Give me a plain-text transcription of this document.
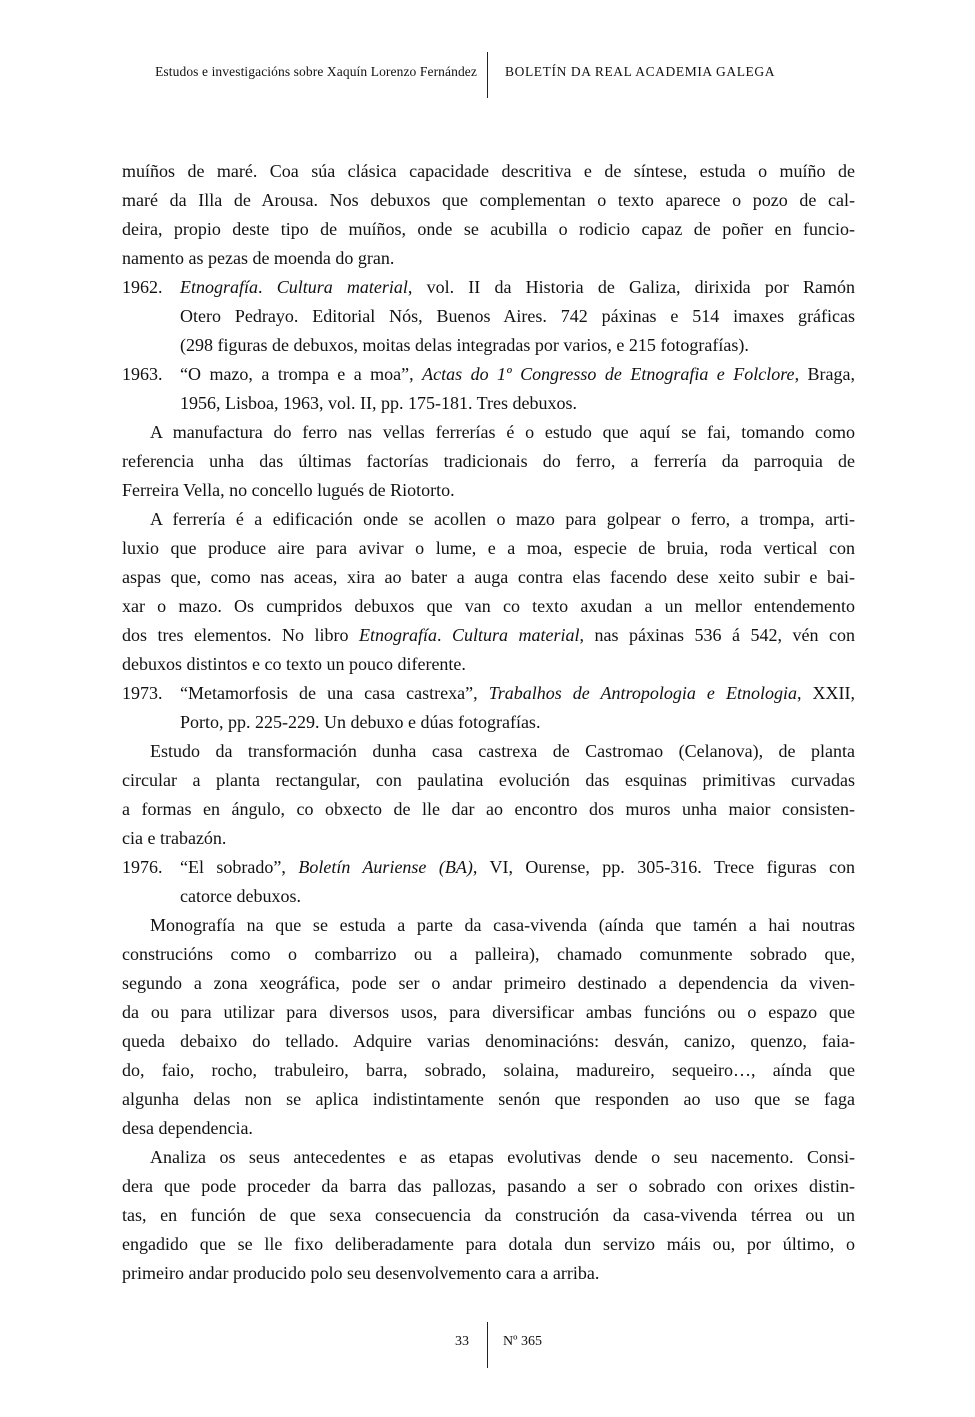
Estudos e investigacións sobre Xaquín Lorenzo Fernández BOLETÍN DA REAL ACADEMIA GALEGA
muíños de maré. Coa súa clásica capacidade descritiva e de síntese, estuda o muíño de
maré da Illa de Arousa. Nos debuxos que complementan o texto aparece o pozo de cal-
deira, propio deste tipo de muíños, onde se acubilla o rodicio capaz de poñer en funcio-
namento as pezas de moenda do gran.
1962. Etnografía. Cultura material, vol. II da Historia de Galiza, dirixida por Ramón
Otero Pedrayo. Editorial Nós, Buenos Aires. 742 páxinas e 514 imaxes gráficas
(298 figuras de debuxos, moitas delas integradas por varios, e 215 fotografías).
1963. “O mazo, a trompa e a moa”, Actas do 1º Congresso de Etnografia e Folclore, Braga,
1956, Lisboa, 1963, vol. II, pp. 175-181. Tres debuxos.
A manufactura do ferro nas vellas ferrerías é o estudo que aquí se fai, tomando como
referencia unha das últimas factorías tradicionais do ferro, a ferrería da parroquia de
Ferreira Vella, no concello lugués de Riotorto.
A ferrería é a edificación onde se acollen o mazo para golpear o ferro, a trompa, arti-
luxio que produce aire para avivar o lume, e a moa, especie de bruia, roda vertical con
aspas que, como nas aceas, xira ao bater a auga contra elas facendo dese xeito subir e bai-
xar o mazo. Os cumpridos debuxos que van co texto axudan a un mellor entendemento
dos tres elementos. No libro Etnografía. Cultura material, nas páxinas 536 á 542, vén con
debuxos distintos e co texto un pouco diferente.
1973. “Metamorfosis de una casa castrexa”, Trabalhos de Antropologia e Etnologia, XXII,
Porto, pp. 225-229. Un debuxo e dúas fotografías.
Estudo da transformación dunha casa castrexa de Castromao (Celanova), de planta
circular a planta rectangular, con paulatina evolución das esquinas primitivas curvadas
a formas en ángulo, co obxecto de lle dar ao encontro dos muros unha maior consisten-
cia e trabazón.
1976. “El sobrado”, Boletín Auriense (BA), VI, Ourense, pp. 305-316. Trece figuras con
catorce debuxos.
Monografía na que se estuda a parte da casa-vivenda (aínda que tamén a hai noutras
construcións como o combarrizo ou a palleira), chamado comunmente sobrado que,
segundo a zona xeográfica, pode ser o andar primeiro destinado a dependencia da viven-
da ou para utilizar para diversos usos, para diversificar ambas funcións ou o espazo que
queda debaixo do tellado. Adquire varias denominacións: desván, canizo, quenzo, faia-
do, faio, rocho, trabuleiro, barra, sobrado, solaina, madureiro, sequeiro…, aínda que
algunha delas non se aplica indistintamente senón que responden ao uso que se faga
desa dependencia.
Analiza os seus antecedentes e as etapas evolutivas dende o seu nacemento. Consi-
dera que pode proceder da barra das pallozas, pasando a ser o sobrado con orixes distin-
tas, en función de que sexa consecuencia da construción da casa-vivenda térrea ou un
engadido que se lle fixo deliberadamente para dotala dun servizo máis ou, por último, o
primeiro andar producido polo seu desenvolvemento cara a arriba.
33 Nº 365
